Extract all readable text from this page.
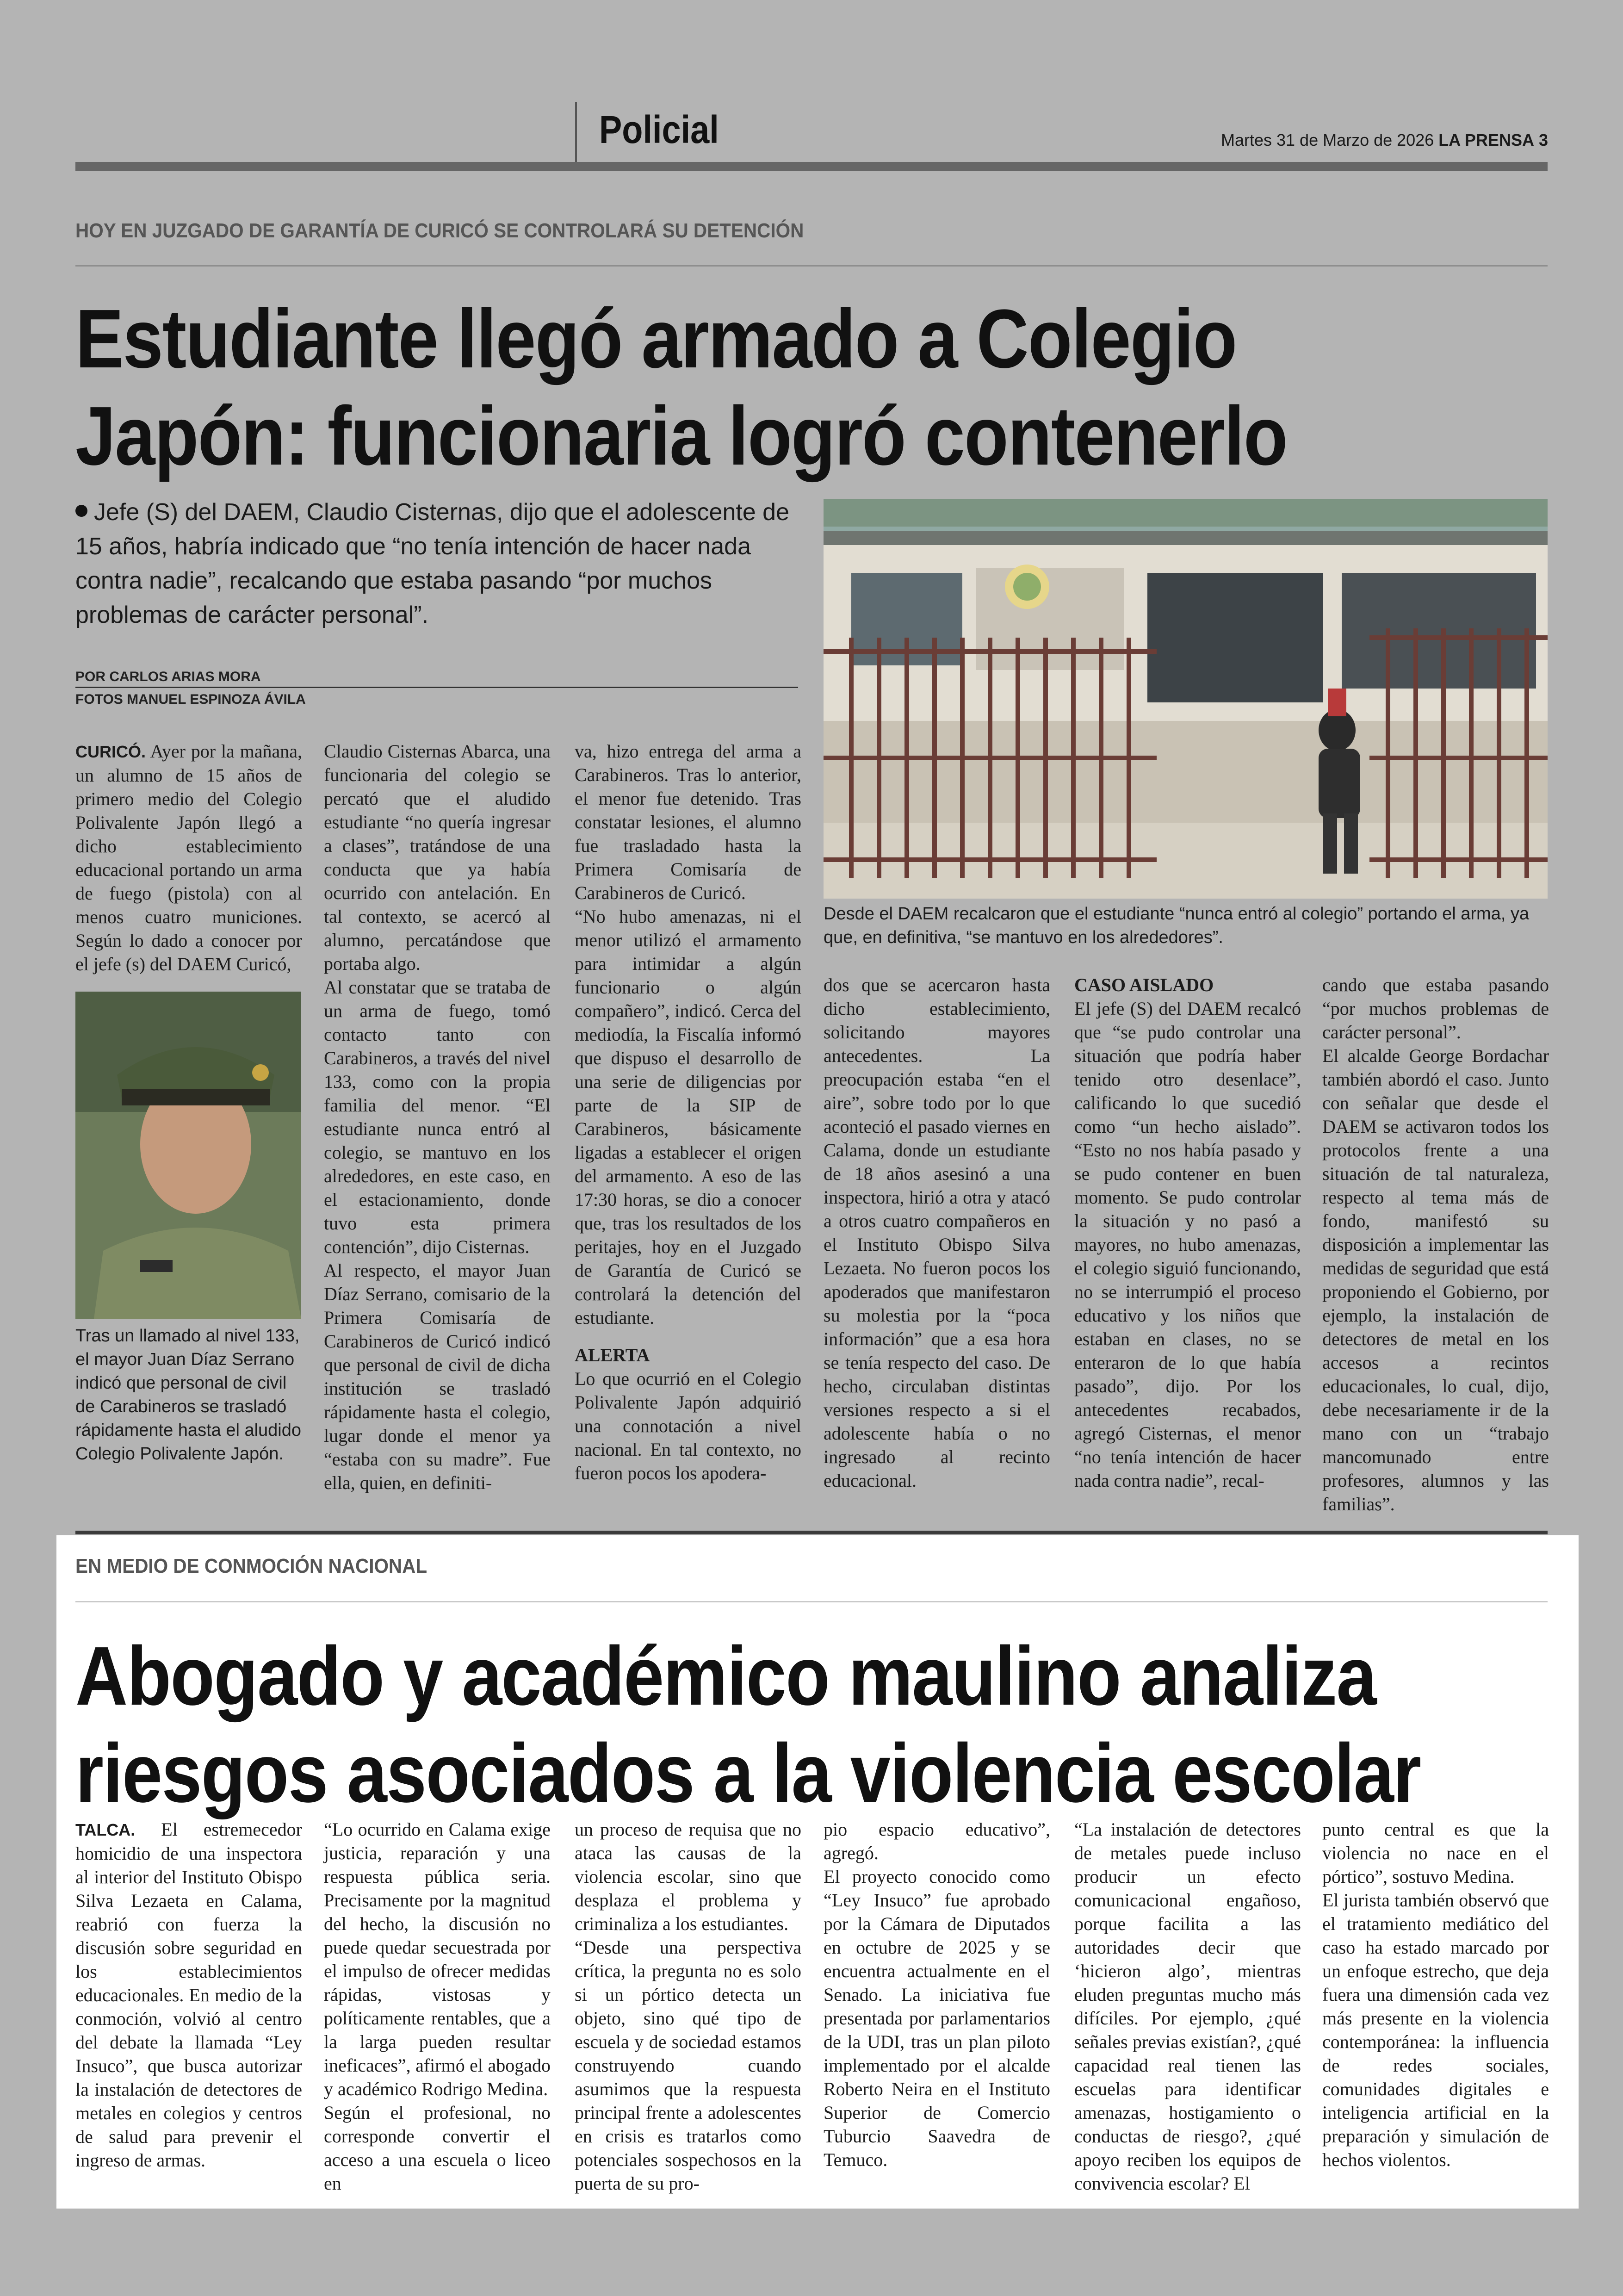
Policial	Martes 31 de Marzo de 2026 LA PRENSA 3
HOY EN JUZGADO DE GARANTÍA DE CURICÓ SE CONTROLARÁ SU DETENCIÓN
Estudiante llegó armado a Colegio
Japón: funcionaria logró contenerlo
Jefe (S) del DAEM, Claudio Cisternas, dijo que el adolescente de 15 años, habría indicado que “no tenía intención de hacer nada contra nadie”, recalcando que estaba pasando “por muchos problemas de carácter personal”.
POR CARLOS ARIAS MORA
FOTOS MANUEL ESPINOZA ÁVILA
Desde el DAEM recalcaron que el estudiante “nunca entró al colegio” portando el arma, ya que, en definitiva, “se mantuvo en los alrededores”.
Tras un llamado al nivel 133, el mayor Juan Díaz Serrano indicó que personal de civil de Carabineros se trasladó rápidamente hasta el aludido Colegio Polivalente Japón.

CURICÓ. Ayer por la mañana, un alumno de 15 años de primero medio del Colegio Polivalente Japón llegó a dicho establecimiento educacional portando un arma de fuego (pistola) con al menos cuatro municiones. Según lo dado a conocer por el jefe (s) del DAEM Curicó,

Claudio Cisternas Abarca, una funcionaria del colegio se percató que el aludido estudiante “no quería ingresar a clases”, tratándose de una conducta que ya había ocurrido con antelación. En tal contexto, se acercó al alumno, percatándose que portaba algo.

Al constatar que se trataba de un arma de fuego, tomó contacto tanto con Carabineros, a través del nivel 133, como con la propia familia del menor. “El estudiante nunca entró al colegio, se mantuvo en los alrededores, en este caso, en el estacionamiento, donde tuvo esta primera contención”, dijo Cisternas.

Al respecto, el mayor Juan Díaz Serrano, comisario de la Primera Comisaría de Carabineros de Curicó indicó que personal de civil de dicha institución se trasladó rápidamente hasta el colegio, lugar donde el menor ya “estaba con su madre”. Fue ella, quien, en definiti-

va, hizo entrega del arma a Carabineros. Tras lo anterior, el menor fue detenido. Tras constatar lesiones, el alumno fue trasladado hasta la Primera Comisaría de Carabineros de Curicó.

“No hubo amenazas, ni el menor utilizó el armamento para intimidar a algún funcionario o algún compañero”, indicó. Cerca del mediodía, la Fiscalía informó que dispuso el desarrollo de una serie de diligencias por parte de la SIP de Carabineros, básicamente ligadas a establecer el origen del armamento. A eso de las 17:30 horas, se dio a conocer que, tras los resultados de los peritajes, hoy en el Juzgado de Garantía de Curicó se controlará la detención del estudiante.

ALERTA

Lo que ocurrió en el Colegio Polivalente Japón adquirió una connotación a nivel nacional. En tal contexto, no fueron pocos los apodera-

dos que se acercaron hasta dicho establecimiento, solicitando mayores antecedentes. La preocupación estaba “en el aire”, sobre todo por lo que aconteció el pasado viernes en Calama, donde un estudiante de 18 años asesinó a una inspectora, hirió a otra y atacó a otros cuatro compañeros en el Instituto Obispo Silva Lezaeta. No fueron pocos los apoderados que manifestaron su molestia por la “poca información” que a esa hora se tenía respecto del caso. De hecho, circulaban distintas versiones respecto a si el adolescente había o no ingresado al recinto educacional.

CASO AISLADO

El jefe (S) del DAEM recalcó que “se pudo controlar una situación que podría haber tenido otro desenlace”, calificando lo que sucedió como “un hecho aislado”. “Esto no nos había pasado y se pudo contener en buen momento. Se pudo controlar la situación y no pasó a mayores, no hubo amenazas, el colegio siguió funcionando, no se interrumpió el proceso educativo y los niños que estaban en clases, no se enteraron de lo que había pasado”, dijo. Por los antecedentes recabados, agregó Cisternas, el menor “no tenía intención de hacer nada contra nadie”, recal-

cando que estaba pasando “por muchos problemas de carácter personal”.

El alcalde George Bordachar también abordó el caso. Junto con señalar que desde el DAEM se activaron todos los protocolos frente a una situación de tal naturaleza, respecto al tema más de fondo, manifestó su disposición a implementar las medidas de seguridad que está proponiendo el Gobierno, por ejemplo, la instalación de detectores de metal en los accesos a recintos educacionales, lo cual, dijo, debe necesariamente ir de la mano con un “trabajo mancomunado entre profesores, alumnos y las familias”.

EN MEDIO DE CONMOCIÓN NACIONAL
Abogado y académico maulino analiza
riesgos asociados a la violencia escolar

TALCA. El estremecedor homicidio de una inspectora al interior del Instituto Obispo Silva Lezaeta en Calama, reabrió con fuerza la discusión sobre seguridad en los establecimientos educacionales. En medio de la conmoción, volvió al centro del debate la llamada “Ley Insuco”, que busca autorizar la instalación de detectores de metales en colegios y centros de salud para prevenir el ingreso de armas.

“Lo ocurrido en Calama exige justicia, reparación y una respuesta pública seria. Precisamente por la magnitud del hecho, la discusión no puede quedar secuestrada por el impulso de ofrecer medidas rápidas, vistosas y políticamente rentables, que a la larga pueden resultar ineficaces”, afirmó el abogado y académico Rodrigo Medina.

Según el profesional, no corresponde convertir el acceso a una escuela o liceo en

un proceso de requisa que no ataca las causas de la violencia escolar, sino que desplaza el problema y criminaliza a los estudiantes.

“Desde una perspectiva crítica, la pregunta no es solo si un pórtico detecta un objeto, sino qué tipo de escuela y de sociedad estamos construyendo cuando asumimos que la respuesta principal frente a adolescentes en crisis es tratarlos como potenciales sospechosos en la puerta de su pro-

pio espacio educativo”, agregó.

El proyecto conocido como “Ley Insuco” fue aprobado por la Cámara de Diputados en octubre de 2025 y se encuentra actualmente en el Senado. La iniciativa fue presentada por parlamentarios de la UDI, tras un plan piloto implementado por el alcalde Roberto Neira en el Instituto Superior de Comercio Tuburcio Saavedra de Temuco.

“La instalación de detectores de metales puede incluso producir un efecto comunicacional engañoso, porque facilita a las autoridades decir que ‘hicieron algo’, mientras eluden preguntas mucho más difíciles. Por ejemplo, ¿qué señales previas existían?, ¿qué capacidad real tienen las escuelas para identificar amenazas, hostigamiento o conductas de riesgo?, ¿qué apoyo reciben los equipos de convivencia escolar? El

punto central es que la violencia no nace en el pórtico”, sostuvo Medina.

El jurista también observó que el tratamiento mediático del caso ha estado marcado por un enfoque estrecho, que deja fuera una dimensión cada vez más presente en la violencia contemporánea: la influencia de redes sociales, comunidades digitales e inteligencia artificial en la preparación y simulación de hechos violentos.
